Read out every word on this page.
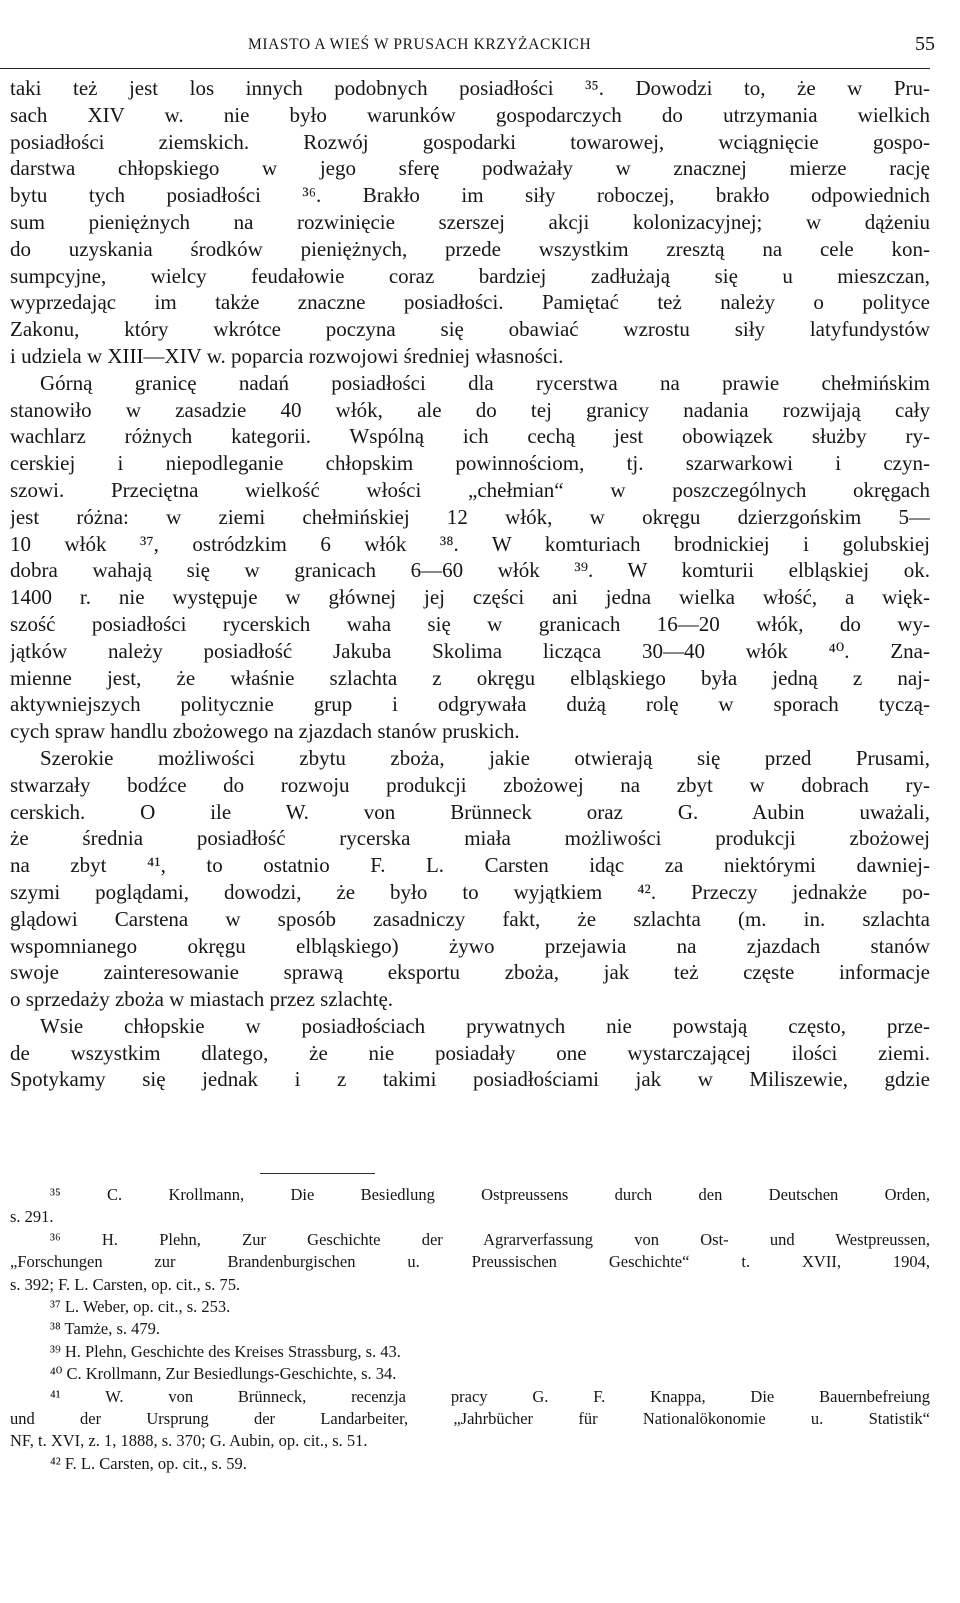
MIASTO A WIEŚ W PRUSACH KRZYŻACKICH	55
taki też jest los innych podobnych posiadłości ³⁵. Dowodzi to, że w Pru-
sach XIV w. nie było warunków gospodarczych do utrzymania wielkich
posiadłości ziemskich. Rozwój gospodarki towarowej, wciągnięcie gospo-
darstwa chłopskiego w jego sferę podważały w znacznej mierze rację
bytu tych posiadłości ³⁶. Brakło im siły roboczej, brakło odpowiednich
sum pieniężnych na rozwinięcie szerszej akcji kolonizacyjnej; w dążeniu
do uzyskania środków pieniężnych, przede wszystkim zresztą na cele kon-
sumpcyjne, wielcy feudałowie coraz bardziej zadłużają się u mieszczan,
wyprzedając im także znaczne posiadłości. Pamiętać też należy o polityce
Zakonu, który wkrótce poczyna się obawiać wzrostu siły latyfundystów
i udziela w XIII—XIV w. poparcia rozwojowi średniej własności.
Górną granicę nadań posiadłości dla rycerstwa na prawie chełmińskim
stanowiło w zasadzie 40 włók, ale do tej granicy nadania rozwijają cały
wachlarz różnych kategorii. Wspólną ich cechą jest obowiązek służby ry-
cerskiej i niepodleganie chłopskim powinnościom, tj. szarwarkowi i czyn-
szowi. Przeciętna wielkość włości „chełmian“ w poszczególnych okręgach
jest różna: w ziemi chełmińskiej 12 włók, w okręgu dzierzgońskim 5—
10 włók ³⁷, ostródzkim 6 włók ³⁸. W komturiach brodnickiej i golubskiej
dobra wahają się w granicach 6—60 włók ³⁹. W komturii elbląskiej ok.
1400 r. nie występuje w głównej jej części ani jedna wielka włość, a więk-
szość posiadłości rycerskich waha się w granicach 16—20 włók, do wy-
jątków należy posiadłość Jakuba Skolima licząca 30—40 włók ⁴⁰. Zna-
mienne jest, że właśnie szlachta z okręgu elbląskiego była jedną z naj-
aktywniejszych politycznie grup i odgrywała dużą rolę w sporach tyczą-
cych spraw handlu zbożowego na zjazdach stanów pruskich.
Szerokie możliwości zbytu zboża, jakie otwierają się przed Prusami,
stwarzały bodźce do rozwoju produkcji zbożowej na zbyt w dobrach ry-
cerskich. O ile W. von Brünneck oraz G. Aubin uważali,
że średnia posiadłość rycerska miała możliwości produkcji zbożowej
na zbyt ⁴¹, to ostatnio F. L. Carsten idąc za niektórymi dawniej-
szymi poglądami, dowodzi, że było to wyjątkiem ⁴². Przeczy jednakże po-
glądowi Carstena w sposób zasadniczy fakt, że szlachta (m. in. szlachta
wspomnianego okręgu elbląskiego) żywo przejawia na zjazdach stanów
swoje zainteresowanie sprawą eksportu zboża, jak też częste informacje
o sprzedaży zboża w miastach przez szlachtę.
Wsie chłopskie w posiadłościach prywatnych nie powstają często, prze-
de wszystkim dlatego, że nie posiadały one wystarczającej ilości ziemi.
Spotykamy się jednak i z takimi posiadłościami jak w Miliszewie, gdzie
³⁵ C. Krollmann, Die Besiedlung Ostpreussens durch den Deutschen Orden,
s. 291.
³⁶ H. Plehn, Zur Geschichte der Agrarverfassung von Ost- und Westpreussen,
„Forschungen zur Brandenburgischen u. Preussischen Geschichte“ t. XVII, 1904,
s. 392; F. L. Carsten, op. cit., s. 75.
³⁷ L. Weber, op. cit., s. 253.
³⁸ Tamże, s. 479.
³⁹ H. Plehn, Geschichte des Kreises Strassburg, s. 43.
⁴⁰ C. Krollmann, Zur Besiedlungs-Geschichte, s. 34.
⁴¹ W. von Brünneck, recenzja pracy G. F. Knappa, Die Bauernbefreiung
und der Ursprung der Landarbeiter, „Jahrbücher für Nationalökonomie u. Statistik“
NF, t. XVI, z. 1, 1888, s. 370; G. Aubin, op. cit., s. 51.
⁴² F. L. Carsten, op. cit., s. 59.
